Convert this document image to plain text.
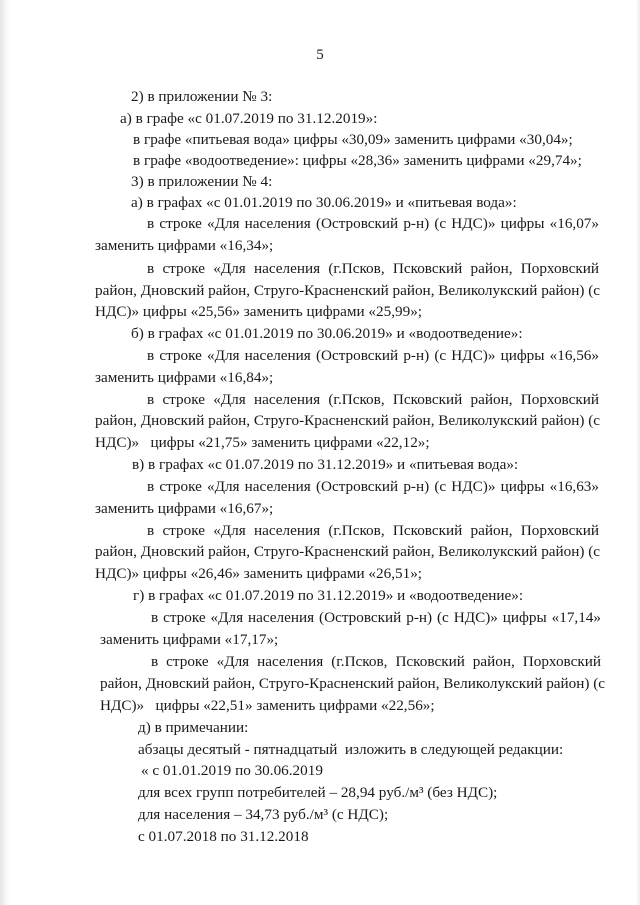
5
2) в приложении № 3:
а) в графе «с 01.07.2019 по 31.12.2019»:
в графе «питьевая вода» цифры «30,09» заменить цифрами «30,04»;
в графе «водоотведение»: цифры «28,36» заменить цифрами «29,74»;
3) в приложении № 4:
а) в графах «с 01.01.2019 по 30.06.2019» и «питьевая вода»:
в строке «Для населения (Островский р-н) (с НДС)» цифры «16,07»
заменить цифрами «16,34»;
в строке «Для населения (г.Псков, Псковский район, Порховский
район, Дновский район, Струго-Красненский район, Великолукский район) (с
НДС)» цифры «25,56» заменить цифрами «25,99»;
б) в графах «с 01.01.2019 по 30.06.2019» и «водоотведение»:
в строке «Для населения (Островский р-н) (с НДС)» цифры «16,56»
заменить цифрами «16,84»;
в строке «Для населения (г.Псков, Псковский район, Порховский
район, Дновский район, Струго-Красненский район, Великолукский район) (с
НДС)»   цифры «21,75» заменить цифрами «22,12»;
в) в графах «с 01.07.2019 по 31.12.2019» и «питьевая вода»:
в строке «Для населения (Островский р-н) (с НДС)» цифры «16,63»
заменить цифрами «16,67»;
в строке «Для населения (г.Псков, Псковский район, Порховский
район, Дновский район, Струго-Красненский район, Великолукский район) (с
НДС)» цифры «26,46» заменить цифрами «26,51»;
г) в графах «с 01.07.2019 по 31.12.2019» и «водоотведение»:
в строке «Для населения (Островский р-н) (с НДС)» цифры «17,14»
заменить цифрами «17,17»;
в строке «Для населения (г.Псков, Псковский район, Порховский
район, Дновский район, Струго-Красненский район, Великолукский район) (с
НДС)»   цифры «22,51» заменить цифрами «22,56»;
д) в примечании:
абзацы десятый - пятнадцатый  изложить в следующей редакции:
« с 01.01.2019 по 30.06.2019
для всех групп потребителей – 28,94 руб./м³ (без НДС);
для населения – 34,73 руб./м³ (с НДС);
с 01.07.2018 по 31.12.2018
